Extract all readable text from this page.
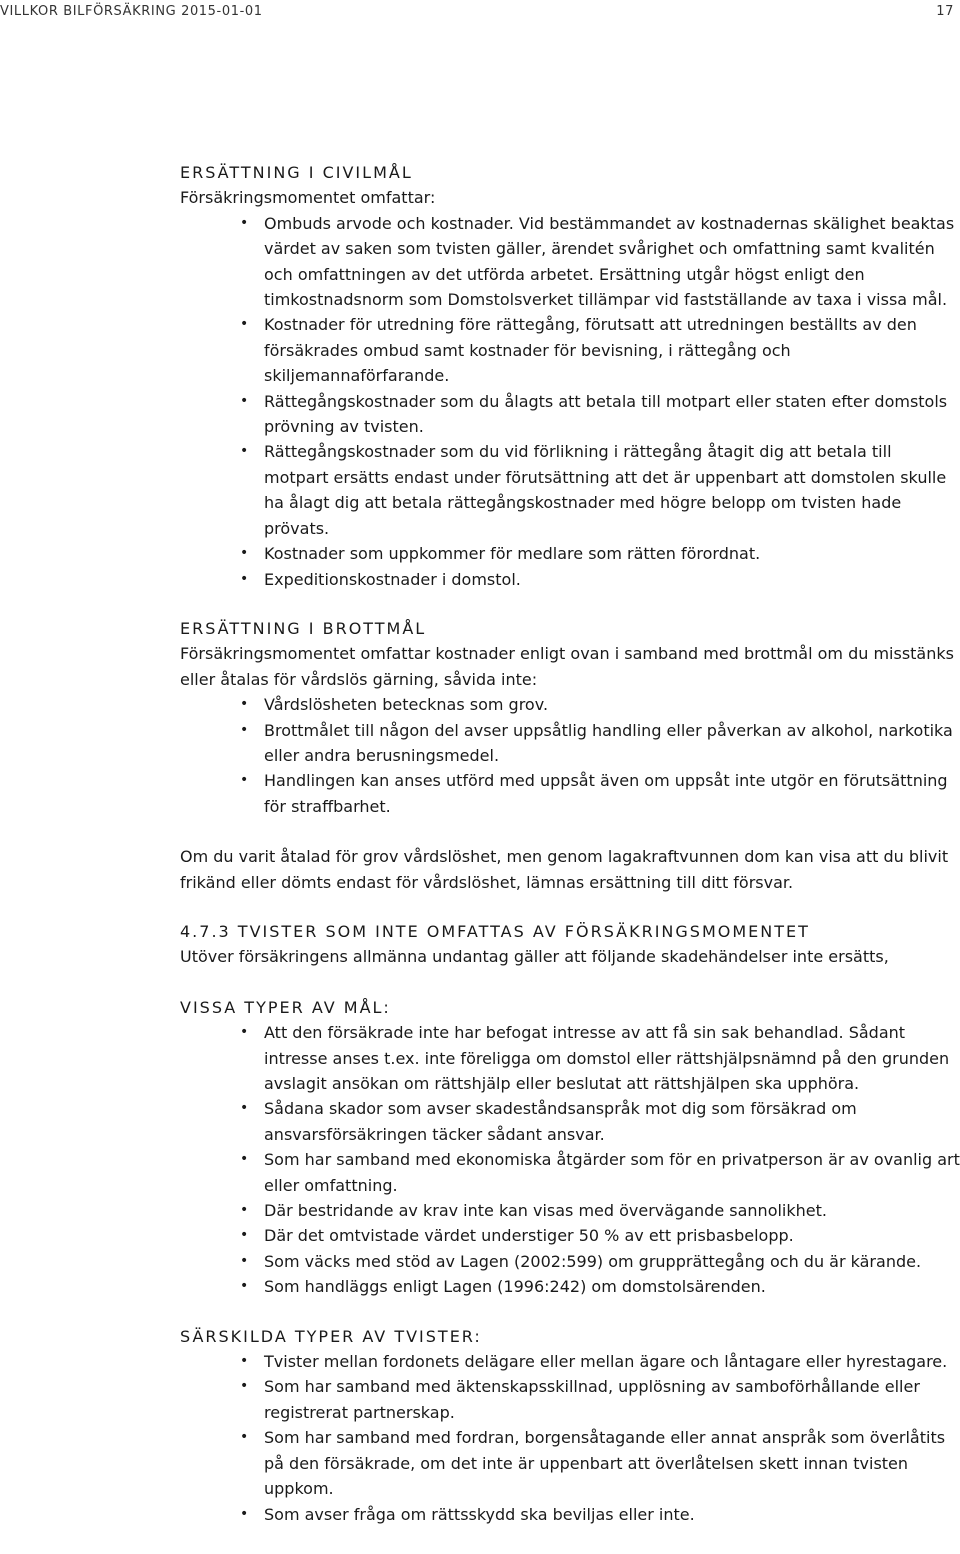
VILLKOR BILFÖRSÄKRING 2015-01-01	17
ERSÄTTNING I CIVILMÅL

Försäkringsmomentet omfattar:

• Ombuds arvode och kostnader. Vid bestämmandet av kostnadernas skälighet beaktas värdet av saken som tvisten gäller, ärendet svårighet och omfattning samt kvalitén och omfattningen av det utförda arbetet. Ersättning utgår högst enligt den timkostnadsnorm som Domstolsverket tillämpar vid fastställande av taxa i vissa mål.
• Kostnader för utredning före rättegång, förutsatt att utredningen beställts av den försäkrades ombud samt kostnader för bevisning, i rättegång och skiljemannaförfarande.
• Rättegångskostnader som du ålagts att betala till motpart eller staten efter domstols prövning av tvisten.
• Rättegångskostnader som du vid förlikning i rättegång åtagit dig att betala till motpart ersätts endast under förutsättning att det är uppenbart att domstolen skulle ha ålagt dig att betala rättegångskostnader med högre belopp om tvisten hade prövats.
• Kostnader som uppkommer för medlare som rätten förordnat.
• Expeditionskostnader i domstol.
ERSÄTTNING I BROTTMÅL

Försäkringsmomentet omfattar kostnader enligt ovan i samband med brottmål om du misstänks eller åtalas för vårdslös gärning, såvida inte:

• Vårdslösheten betecknas som grov.
• Brottmålet till någon del avser uppsåtlig handling eller påverkan av alkohol, narkotika eller andra berusningsmedel.
• Handlingen kan anses utförd med uppsåt även om uppsåt inte utgör en förutsättning för straffbarhet.

Om du varit åtalad för grov vårdslöshet, men genom lagakraftvunnen dom kan visa att du blivit frikänd eller dömts endast för vårdslöshet, lämnas ersättning till ditt försvar.

4.7.3 TVISTER SOM INTE OMFATTAS AV FÖRSÄKRINGSMOMENTET

Utöver försäkringens allmänna undantag gäller att följande skadehändelser inte ersätts,

VISSA TYPER AV MÅL:
• Att den försäkrade inte har befogat intresse av att få sin sak behandlad. Sådant intresse anses t.ex. inte föreligga om domstol eller rättshjälpsnämnd på den grunden avslagit ansökan om rättshjälp eller beslutat att rättshjälpen ska upphöra.
• Sådana skador som avser skadeståndsanspråk mot dig som försäkrad om ansvarsförsäkringen täcker sådant ansvar.
• Som har samband med ekonomiska åtgärder som för en privatperson är av ovanlig art eller omfattning.
• Där bestridande av krav inte kan visas med övervägande sannolikhet.
• Där det omtvistade värdet understiger 50 % av ett prisbasbelopp.
• Som väcks med stöd av Lagen (2002:599) om grupprättegång och du är kärande.
• Som handläggs enligt Lagen (1996:242) om domstolsärenden.
SÄRSKILDA TYPER AV TVISTER:
• Tvister mellan fordonets delägare eller mellan ägare och låntagare eller hyrestagare.
• Som har samband med äktenskapsskillnad, upplösning av samboförhållande eller registrerat partnerskap.
• Som har samband med fordran, borgensåtagande eller annat anspråk som överlåtits på den försäkrade, om det inte är uppenbart att överlåtelsen skett innan tvisten uppkom.
• Som avser fråga om rättsskydd ska beviljas eller inte.
